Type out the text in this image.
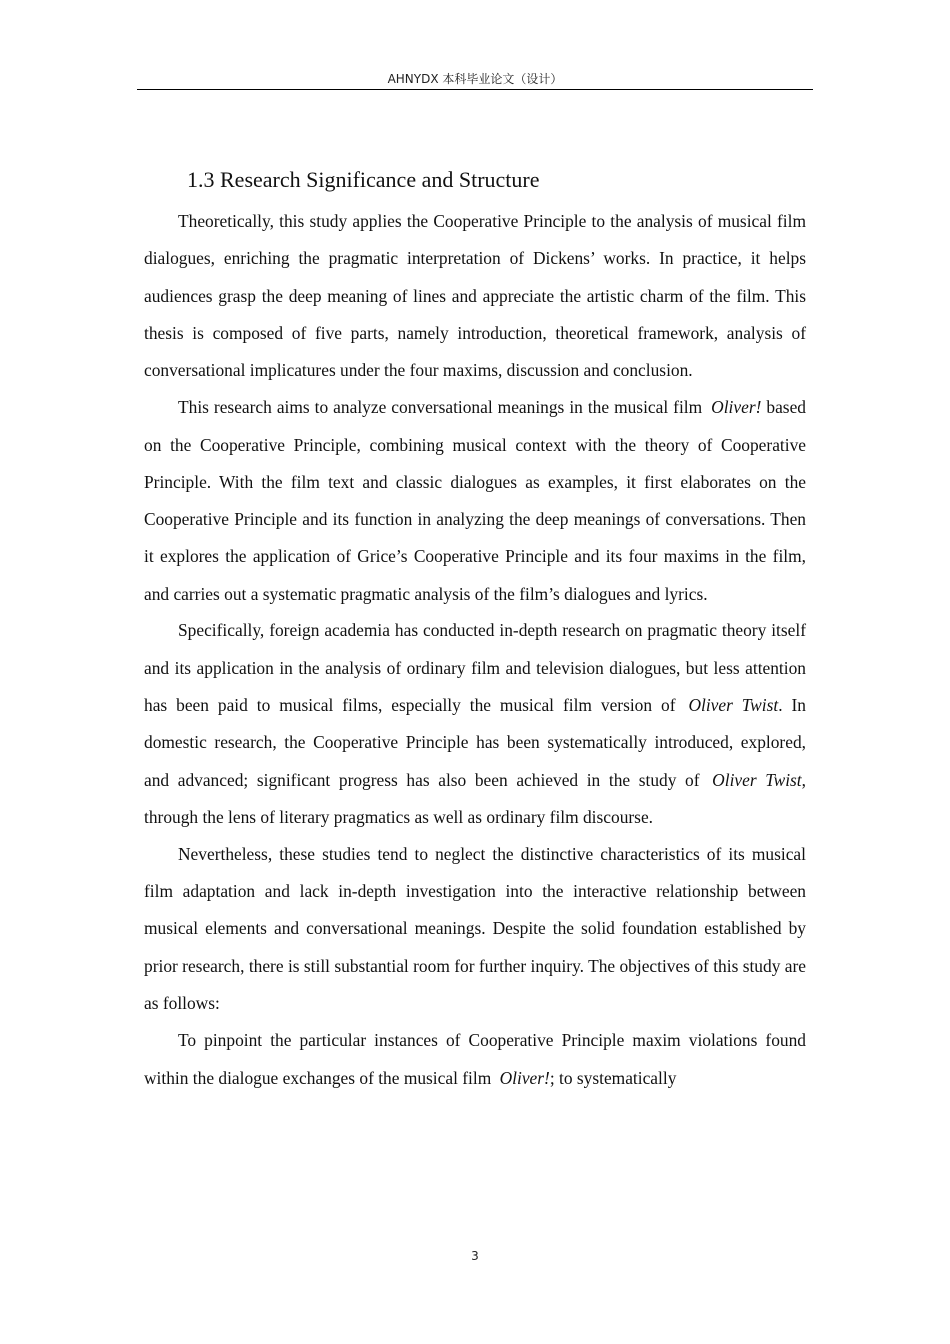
AHNYDX 本科毕业论文（设计）
1.3 Research Significance and Structure

Theoretically, this study applies the Cooperative Principle to the analysis of musical film dialogues, enriching the pragmatic interpretation of Dickens’ works. In practice, it helps audiences grasp the deep meaning of lines and appreciate the artistic charm of the film. This thesis is composed of five parts, namely introduction, theoretical framework, analysis of conversational implicatures under the four maxims, discussion and conclusion.

This research aims to analyze conversational meanings in the musical film Oliver! based on the Cooperative Principle, combining musical context with the theory of Cooperative Principle. With the film text and classic dialogues as examples, it first elaborates on the Cooperative Principle and its function in analyzing the deep meanings of conversations. Then it explores the application of Grice’s Cooperative Principle and its four maxims in the film, and carries out a systematic pragmatic analysis of the film’s dialogues and lyrics.

Specifically, foreign academia has conducted in-depth research on pragmatic theory itself and its application in the analysis of ordinary film and television dialogues, but less attention has been paid to musical films, especially the musical film version of Oliver Twist. In domestic research, the Cooperative Principle has been systematically introduced, explored, and advanced; significant progress has also been achieved in the study of Oliver Twist, through the lens of literary pragmatics as well as ordinary film discourse.

Nevertheless, these studies tend to neglect the distinctive characteristics of its musical film adaptation and lack in-depth investigation into the interactive relationship between musical elements and conversational meanings. Despite the solid foundation established by prior research, there is still substantial room for further inquiry. The objectives of this study are as follows:

To pinpoint the particular instances of Cooperative Principle maxim violations found within the dialogue exchanges of the musical film Oliver!; to systematically

3
